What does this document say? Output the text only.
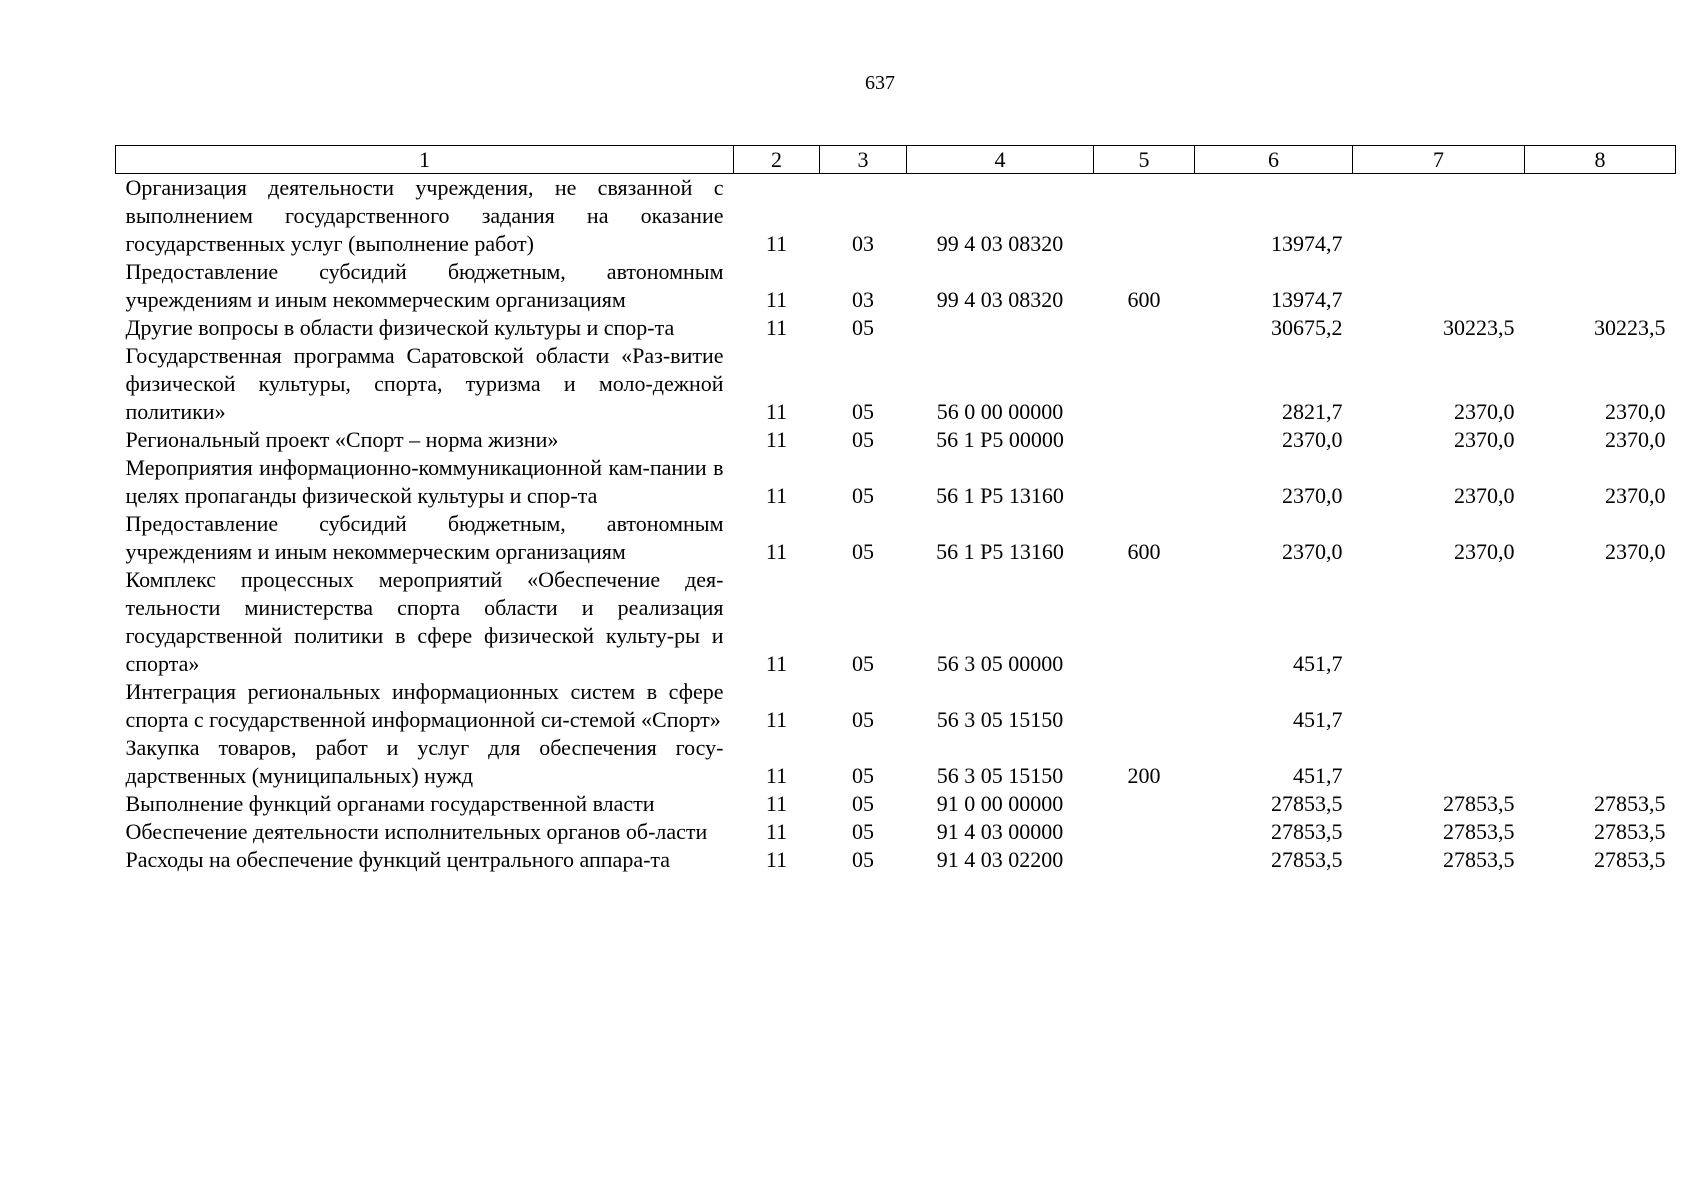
637
1	2	3	4	5	6	7	8

Организация деятельности учреждения, не связанной с выполнением государственного задания на оказание государственных услуг (выполнение работ)	11	03	99 4 03 08320		13974,7		

Предоставление субсидий бюджетным, автономным учреждениям и иным некоммерческим организациям	11	03	99 4 03 08320	600	13974,7		

Другие вопросы в области физической культуры и спор-та	11	05			30675,2	30223,5	30223,5

Государственная программа Саратовской области «Раз-витие физической культуры, спорта, туризма и моло-дежной политики»	11	05	56 0 00 00000		2821,7	2370,0	2370,0

Региональный проект «Спорт – норма жизни»	11	05	56 1 P5 00000		2370,0	2370,0	2370,0

Мероприятия информационно-коммуникационной кам-пании в целях пропаганды физической культуры и спор-та	11	05	56 1 P5 13160		2370,0	2370,0	2370,0

Предоставление субсидий бюджетным, автономным учреждениям и иным некоммерческим организациям	11	05	56 1 P5 13160	600	2370,0	2370,0	2370,0

Комплекс процессных мероприятий «Обеспечение дея-тельности министерства спорта области и реализация государственной политики в сфере физической культу-ры и спорта»	11	05	56 3 05 00000		451,7		

Интеграция региональных информационных систем в сфере спорта с государственной информационной си-стемой «Спорт»	11	05	56 3 05 15150		451,7		

Закупка товаров, работ и услуг для обеспечения госу-дарственных (муниципальных) нужд	11	05	56 3 05 15150	200	451,7		

Выполнение функций органами государственной власти	11	05	91 0 00 00000		27853,5	27853,5	27853,5

Обеспечение деятельности исполнительных органов об-ласти	11	05	91 4 03 00000		27853,5	27853,5	27853,5

Расходы на обеспечение функций центрального аппара-та	11	05	91 4 03 02200		27853,5	27853,5	27853,5
